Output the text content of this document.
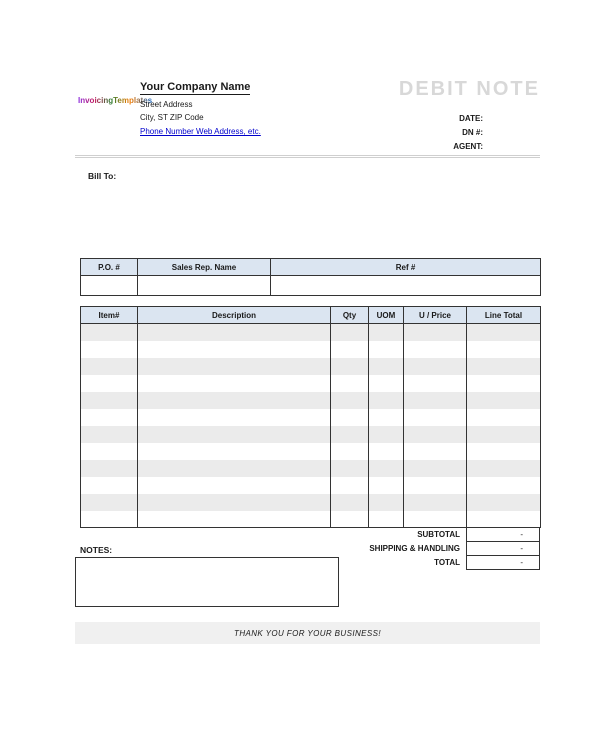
InvoicingTemplates
Your Company Name
Street Address
City, ST ZIP Code
Phone Number Web Address, etc.
DEBIT NOTE
DATE:
DN #:
AGENT:
Bill To:
P.O. #	Sales Rep. Name	Ref #

Item#	Description	Qty	UOM	U / Price	Line Total

SUBTOTAL	-
SHIPPING & HANDLING	-
TOTAL	-
NOTES:
THANK YOU FOR YOUR BUSINESS!
